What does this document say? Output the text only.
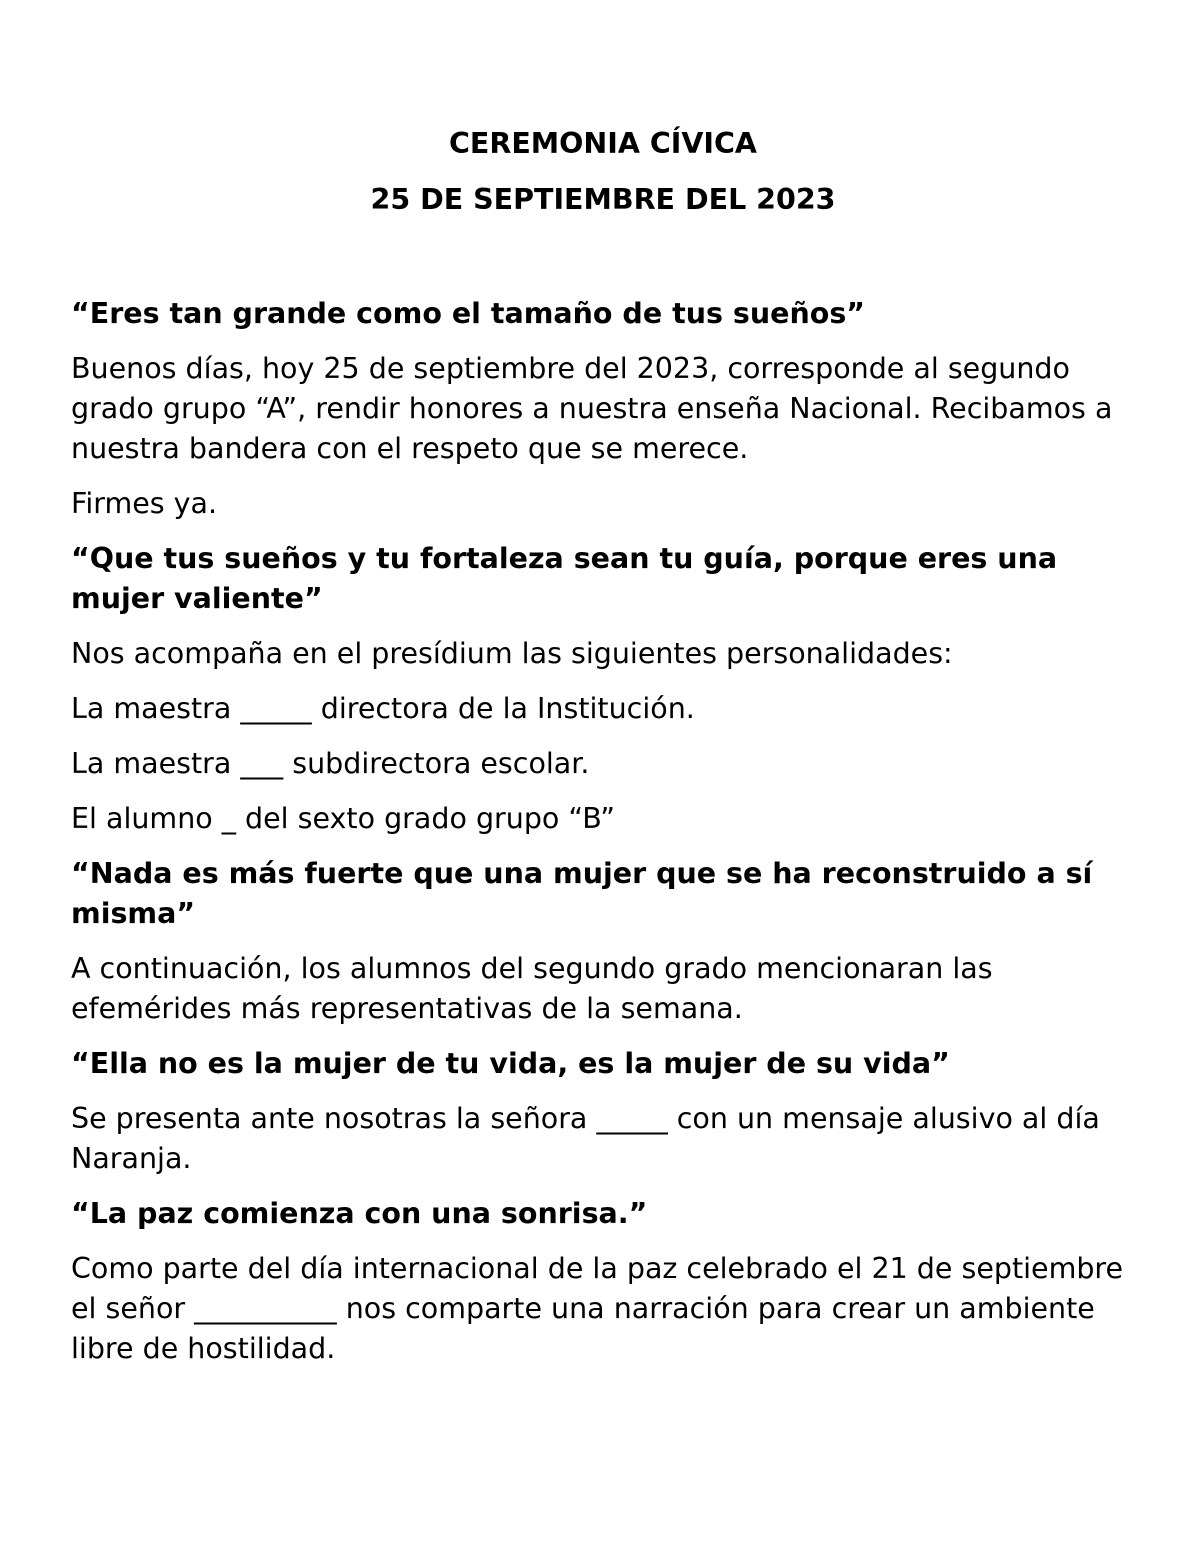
CEREMONIA CÍVICA

25 DE SEPTIEMBRE DEL 2023

“Eres tan grande como el tamaño de tus sueños”

Buenos días, hoy 25 de septiembre del 2023, corresponde al segundo grado grupo “A”, rendir honores a nuestra enseña Nacional. Recibamos a nuestra bandera con el respeto que se merece.

Firmes ya.

“Que tus sueños y tu fortaleza sean tu guía, porque eres una mujer valiente”

Nos acompaña en el presídium las siguientes personalidades:

La maestra _____ directora de la Institución.

La maestra ___ subdirectora escolar.

El alumno _ del sexto grado grupo “B”

“Nada es más fuerte que una mujer que se ha reconstruido a sí misma”

A continuación, los alumnos del segundo grado mencionaran las efemérides más representativas de la semana.

“Ella no es la mujer de tu vida, es la mujer de su vida”

Se presenta ante nosotras la señora _____ con un mensaje alusivo al día Naranja.

“La paz comienza con una sonrisa.”

Como parte del día internacional de la paz celebrado el 21 de septiembre el señor __________ nos comparte una narración para crear un ambiente libre de hostilidad.
